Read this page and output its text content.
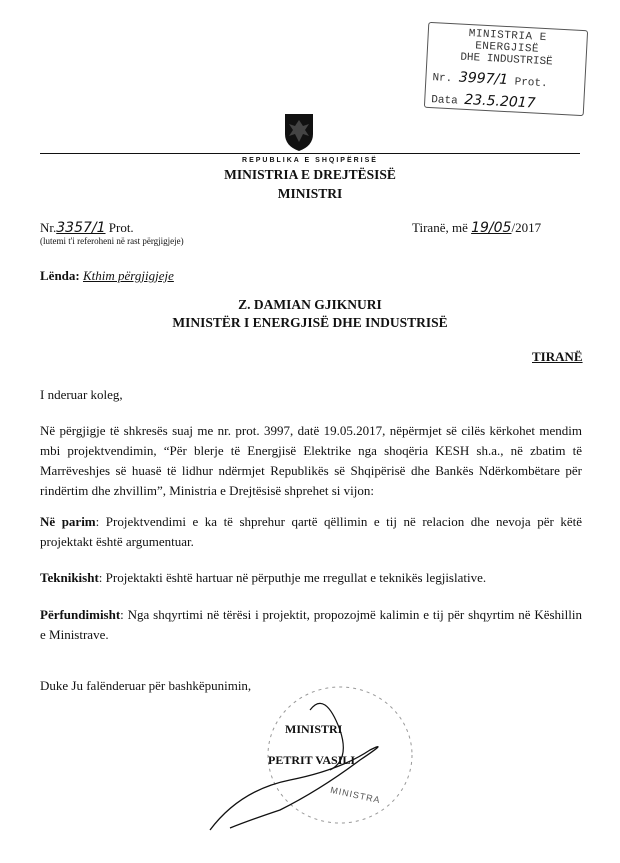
MINISTRIA E ENERGJISË
DHE INDUSTRISË
Nr. 3997/1 Prot.
Data 23.5.2017
REPUBLIKA E SHQIPËRISË
MINISTRIA E DREJTËSISË
MINISTRI
Nr.3357/1 Prot.
(lutemi t'i referoheni në rast përgjigjeje)
Tiranë, më 19/05/2017
Lënda: Kthim përgjigjeje
Z. DAMIAN GJIKNURI
MINISTËR I ENERGJISË DHE INDUSTRISË
TIRANË
I nderuar koleg,
Në përgjigje të shkresës suaj me nr. prot. 3997, datë 19.05.2017, nëpërmjet së cilës kërkohet mendim mbi projektvendimin, “Për blerje të Energjisë Elektrike nga shoqëria KESH sh.a., në zbatim të Marrëveshjes së huasë të lidhur ndërmjet Republikës së Shqipërisë dhe Bankës Ndërkombëtare për rindërtim dhe zhvillim”, Ministria e Drejtësisë shprehet si vijon:
Në parim: Projektvendimi e ka të shprehur qartë qëllimin e tij në relacion dhe nevoja për këtë projektakt është argumentuar.
Teknikisht: Projektakti është hartuar në përputhje me rregullat e teknikës legjislative.
Përfundimisht: Nga shqyrtimi në tërësi i projektit, propozojmë kalimin e tij për shqyrtim në Këshillin e Ministrave.
Duke Ju falënderuar për bashkëpunimin,
MINISTRI
PETRIT VASILI
MINISTRA
